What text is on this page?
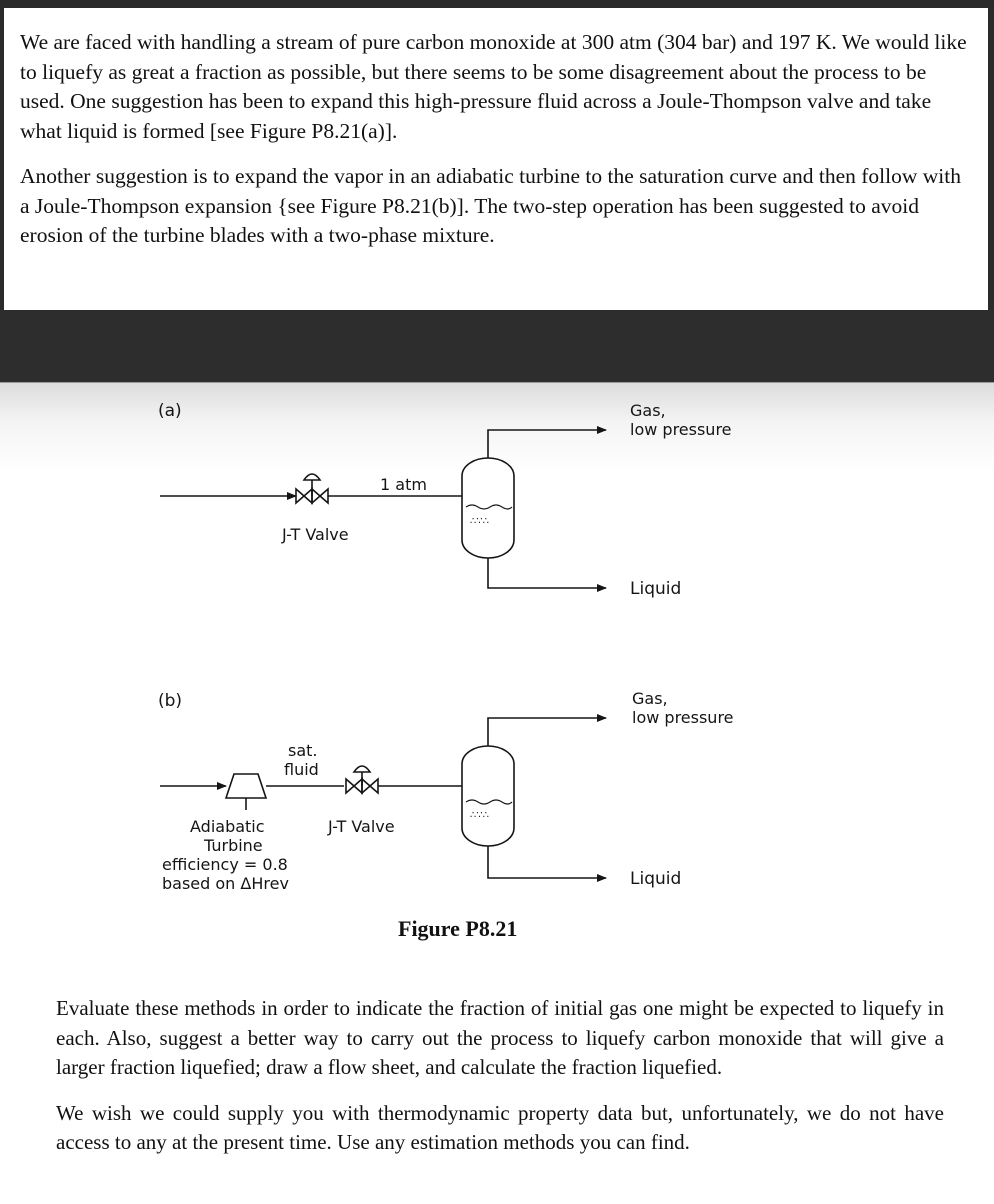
We are faced with handling a stream of pure carbon monoxide at 300 atm (304 bar) and 197 K. We would like to liquefy as great a fraction as possible, but there seems to be some disagreement about the process to be used. One suggestion has been to expand this high-pressure fluid across a Joule-Thompson valve and take what liquid is formed [see Figure P8.21(a)].

Another suggestion is to expand the vapor in an adiabatic turbine to the saturation curve and then follow with a Joule-Thompson expansion {see Figure P8.21(b)]. The two-step operation has been suggested to avoid erosion of the turbine blades with a two-phase mixture.

(a)
1 atm
J-T Valve
∴∵∴
Gas,
low pressure
Liquid
(b)
sat.
fluid
Adiabatic
Turbine
efficiency = 0.8
based on ΔHrev
J-T Valve
∴∵∴
Gas,
low pressure
Liquid
Figure P8.21

Evaluate these methods in order to indicate the fraction of initial gas one might be expected to liquefy in each. Also, suggest a better way to carry out the process to liquefy carbon monoxide that will give a larger fraction liquefied; draw a flow sheet, and calculate the fraction liquefied.

We wish we could supply you with thermodynamic property data but, unfortunately, we do not have access to any at the present time. Use any estimation methods you can find.
